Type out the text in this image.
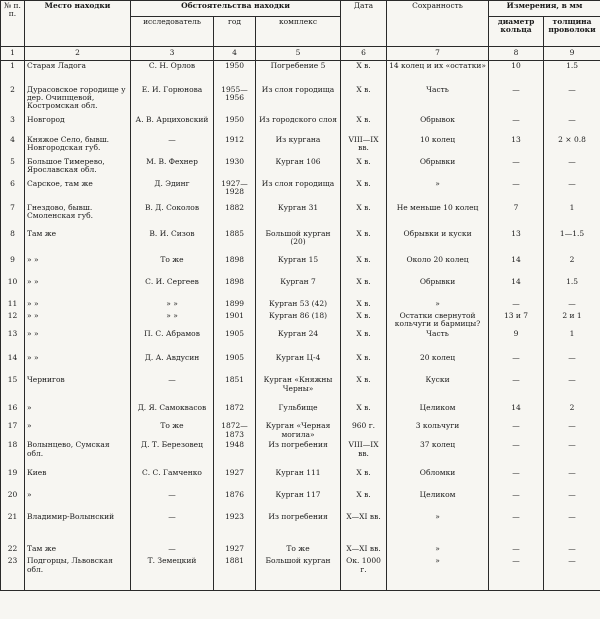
№ п. п.	Место находки	Обстоятельства находки			Дата	Сохранность	Измерения, в мм	
		исследователь	год	комплекс			диаметр кольца	толщина проволоки
1	2	3	4	5	6	7	8	9
1	Старая Ладога	С. Н. Орлов	1950	Погребение 5	X в.	14 колец и их «остатки»	10	1.5
2	Дурасовское городище у дер. Очипщевой, Костромская обл.	Е. И. Горюнова	1955—1956	Из слоя городища	X в.	Часть	—	—
3	Новгород	А. В. Арциховский	1950	Из городского слоя	X в.	Обрывок	—	—
4	Княжое Село, бывш. Новгородская губ.	—	1912	Из кургана	VIII—IX вв.	10 колец	13	2 × 0.8
5	Большое Тимерево, Ярославская обл.	М. В. Фехнер	1930	Курган 106	X в.	Обрывки	—	—
6	Сарское, там же	Д. Эдинг	1927—1928	Из слоя городища	X в.	»	—	—
7	Гнездово, бывш. Смоленская губ.	В. Д. Соколов	1882	Курган 31	X в.	Не меньше 10 колец	7	1
8	Там же	В. И. Сизов	1885	Большой курган (20)	X в.	Обрывки и куски	13	1—1.5
9	» »	То же	1898	Курган 15	X в.	Около 20 колец	14	2
10	» »	С. И. Сергеев	1898	Курган 7	X в.	Обрывки	14	1.5
11	» »	» »	1899	Курган 53 (42)	X в.	»	—	—
12	» »	» »	1901	Курган 86 (18)	X в.	Остатки свернутой кольчуги и бармицы?	13 и 7	2 и 1
13	» »	П. С. Абрамов	1905	Курган 24	X в.	Часть	9	1
14	» »	Д. А. Авдусин	1905	Курган Ц-4	X в.	20 колец	—	—
15	Чернигов	—	1851	Курган «Княжны Черны»	X в.	Куски	—	—
16	»	Д. Я. Самоквасов	1872	Гульбище	X в.	Целиком	14	2
17	»	То же	1872—1873	Курган «Черная могила»	960 г.	3 кольчуги	—	—
18	Волынцево, Сумская обл.	Д. Т. Березовец	1948	Из погребения	VIII—IX вв.	37 колец	—	—
19	Киев	С. С. Гамченко	1927	Курган 111	X в.	Обломки	—	—
20	»	—	1876	Курган 117	X в.	Целиком	—	—
21	Владимир-Волынский	—	1923	Из погребения	X—XI вв.	»	—	—
22	Там же	—	1927	То же	X—XI вв.	»	—	—
23	Подгорцы, Львовская обл.	Т. Земецкий	1881	Большой курган	Ок. 1000 г.	»	—	—
